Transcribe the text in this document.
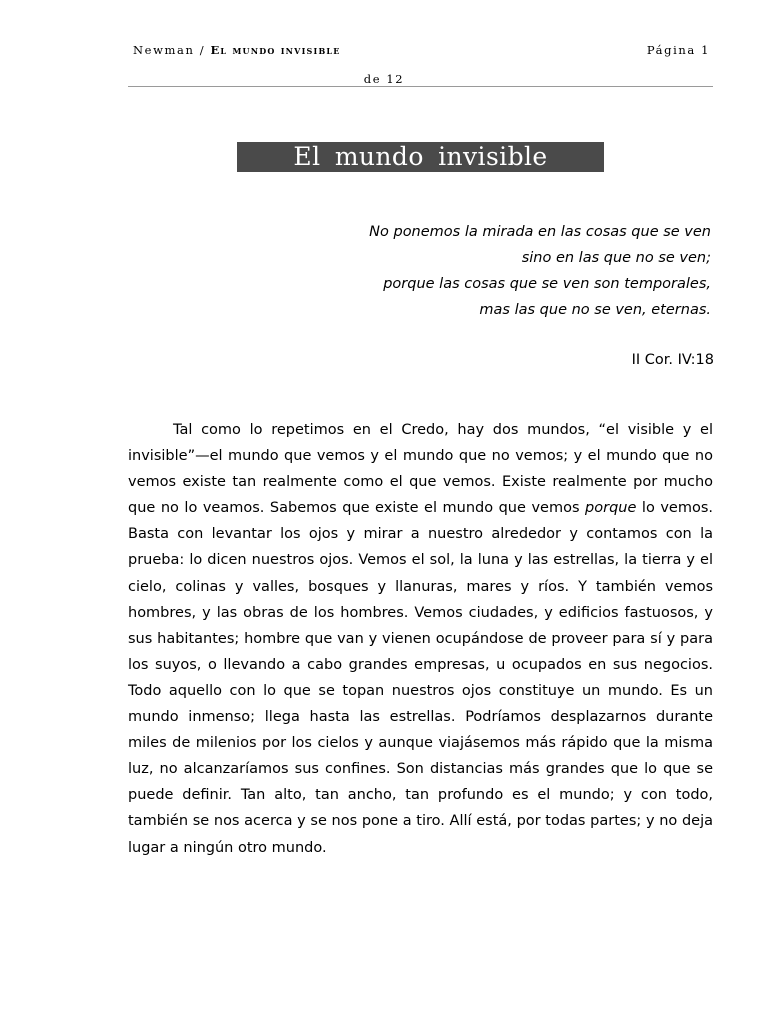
Newman / El mundo invisible	Página 1
de 12
El mundo invisible
No ponemos la mirada en las cosas que se ven
sino en las que no se ven;
porque las cosas que se ven son temporales,
mas las que no se ven, eternas.
II Cor. IV:18

Tal como lo repetimos en el Credo, hay dos mundos, “el visible y el invisible”—el mundo que vemos y el mundo que no vemos; y el mundo que no vemos existe tan realmente como el que vemos. Existe realmente por mucho que no lo veamos. Sabemos que existe el mundo que vemos porque lo vemos. Basta con levantar los ojos y mirar a nuestro alrededor y contamos con la prueba: lo dicen nuestros ojos. Vemos el sol, la luna y las estrellas, la tierra y el cielo, colinas y valles, bosques y llanuras, mares y ríos. Y también vemos hombres, y las obras de los hombres. Vemos ciudades, y edificios fastuosos, y sus habitantes; hombre que van y vienen ocupándose de proveer para sí y para los suyos, o llevando a cabo grandes empresas, u ocupados en sus negocios. Todo aquello con lo que se topan nuestros ojos constituye un mundo. Es un mundo inmenso; llega hasta las estrellas. Podríamos desplazarnos durante miles de milenios por los cielos y aunque viajásemos más rápido que la misma luz, no alcanzaríamos sus confines. Son distancias más grandes que lo que se puede definir. Tan alto, tan ancho, tan profundo es el mundo; y con todo, también se nos acerca y se nos pone a tiro. Allí está, por todas partes; y no deja lugar a ningún otro mundo.
